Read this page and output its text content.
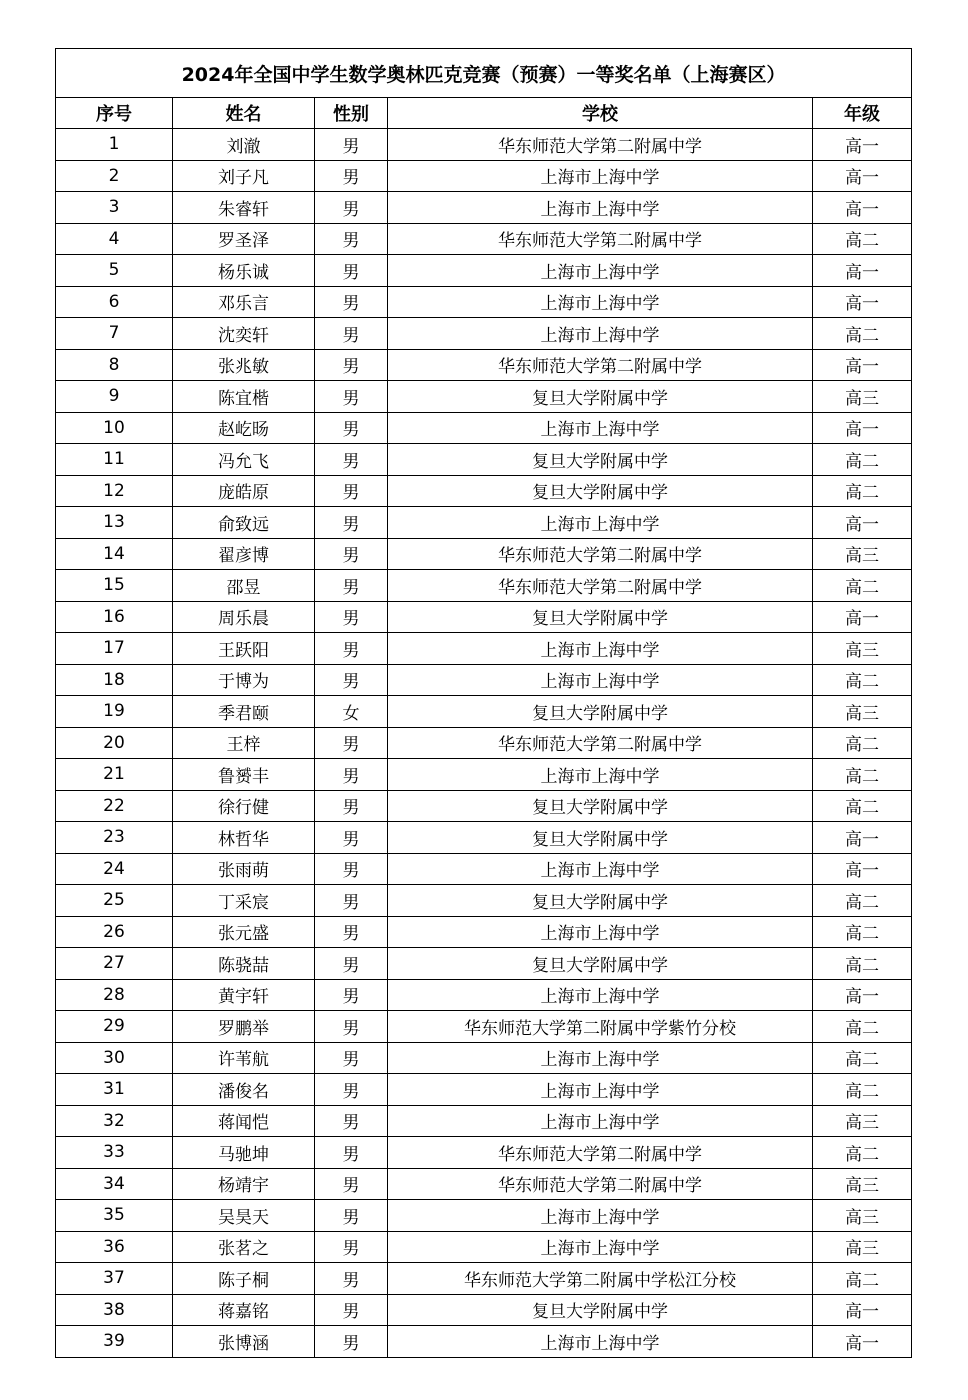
2024年全国中学生数学奥林匹克竞赛（预赛）一等奖名单（上海赛区）				
序号	姓名	性别	学校	年级
1	刘澈	男	华东师范大学第二附属中学	高一
2	刘子凡	男	上海市上海中学	高一
3	朱睿轩	男	上海市上海中学	高一
4	罗圣泽	男	华东师范大学第二附属中学	高二
5	杨乐诚	男	上海市上海中学	高一
6	邓乐言	男	上海市上海中学	高一
7	沈奕轩	男	上海市上海中学	高二
8	张兆敏	男	华东师范大学第二附属中学	高一
9	陈宜楷	男	复旦大学附属中学	高三
10	赵屹旸	男	上海市上海中学	高一
11	冯允飞	男	复旦大学附属中学	高二
12	庞皓原	男	复旦大学附属中学	高二
13	俞致远	男	上海市上海中学	高一
14	翟彦博	男	华东师范大学第二附属中学	高三
15	邵昱	男	华东师范大学第二附属中学	高二
16	周乐晨	男	复旦大学附属中学	高一
17	王跃阳	男	上海市上海中学	高三
18	于博为	男	上海市上海中学	高二
19	季君颐	女	复旦大学附属中学	高三
20	王梓	男	华东师范大学第二附属中学	高二
21	鲁赟丰	男	上海市上海中学	高二
22	徐行健	男	复旦大学附属中学	高二
23	林哲华	男	复旦大学附属中学	高一
24	张雨萌	男	上海市上海中学	高一
25	丁采宸	男	复旦大学附属中学	高二
26	张元盛	男	上海市上海中学	高二
27	陈骁喆	男	复旦大学附属中学	高二
28	黄宇轩	男	上海市上海中学	高一
29	罗鹏举	男	华东师范大学第二附属中学紫竹分校	高二
30	许苇航	男	上海市上海中学	高二
31	潘俊名	男	上海市上海中学	高二
32	蒋闻恺	男	上海市上海中学	高三
33	马驰坤	男	华东师范大学第二附属中学	高二
34	杨靖宇	男	华东师范大学第二附属中学	高三
35	吴昊天	男	上海市上海中学	高三
36	张茗之	男	上海市上海中学	高三
37	陈子桐	男	华东师范大学第二附属中学松江分校	高二
38	蒋嘉铭	男	复旦大学附属中学	高一
39	张博涵	男	上海市上海中学	高一
